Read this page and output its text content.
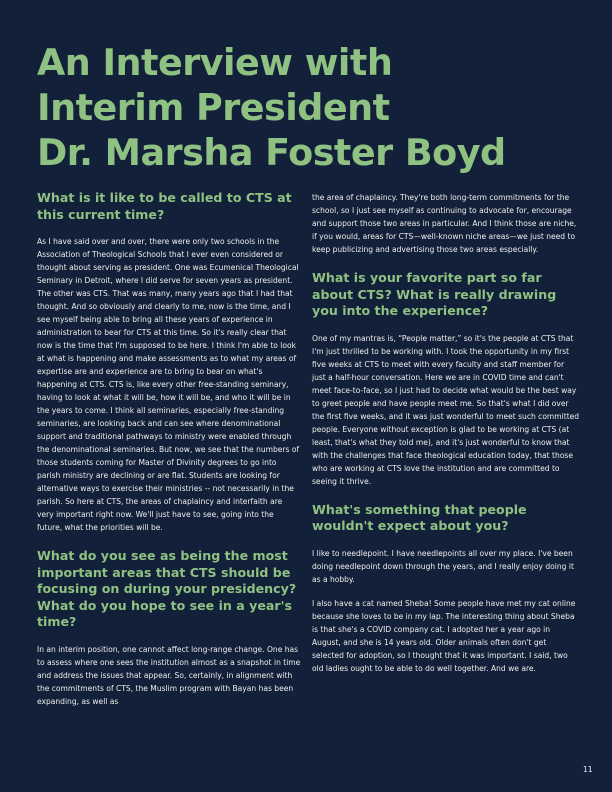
An Interview with
Interim President
Dr. Marsha Foster Boyd
What is it like to be called to CTS at this current time?

As I have said over and over, there were only two schools in the Association of Theological Schools that I ever even considered or thought about serving as president. One was Ecumenical Theological Seminary in Detroit, where I did serve for seven years as president. The other was CTS. That was many, many years ago that I had that thought. And so obviously and clearly to me, now is the time, and I see myself being able to bring all these years of experience in administration to bear for CTS at this time. So it's really clear that now is the time that I'm supposed to be here. I think I'm able to look at what is happening and make assessments as to what my areas of expertise are and experience are to bring to bear on what's happening at CTS. CTS is, like every other free-standing seminary, having to look at what it will be, how it will be, and who it will be in the years to come. I think all seminaries, especially free-standing seminaries, are looking back and can see where denominational support and traditional pathways to ministry were enabled through the denominational seminaries. But now, we see that the numbers of those students coming for Master of Divinity degrees to go into parish ministry are declining or are flat. Students are looking for alternative ways to exercise their ministries -- not necessarily in the parish. So here at CTS, the areas of chaplaincy and interfaith are very important right now. We'll just have to see, going into the future, what the priorities will be.

What do you see as being the most important areas that CTS should be focusing on during your presidency? What do you hope to see in a year's time?

In an interim position, one cannot affect long-range change. One has to assess where one sees the institution almost as a snapshot in time and address the issues that appear. So, certainly, in alignment with the commitments of CTS, the Muslim program with Bayan has been expanding, as well as

the area of chaplaincy. They're both long-term commitments for the school, so I just see myself as continuing to advocate for, encourage and support those two areas in particular. And I think those are niche, if you would, areas for CTS—well-known niche areas—we just need to keep publicizing and advertising those two areas especially.

What is your favorite part so far about CTS? What is really drawing you into the experience?

One of my mantras is, “People matter,” so it's the people at CTS that I'm just thrilled to be working with. I took the opportunity in my first five weeks at CTS to meet with every faculty and staff member for just a half-hour conversation. Here we are in COVID time and can't meet face-to-face, so I just had to decide what would be the best way to greet people and have people meet me. So that's what I did over the first five weeks, and it was just wonderful to meet such committed people. Everyone without exception is glad to be working at CTS (at least, that's what they told me), and it's just wonderful to know that with the challenges that face theological education today, that those who are working at CTS love the institution and are committed to seeing it thrive.

What's something that people wouldn't expect about you?

I like to needlepoint. I have needlepoints all over my place. I've been doing needlepoint down through the years, and I really enjoy doing it as a hobby.

I also have a cat named Sheba! Some people have met my cat online because she loves to be in my lap. The interesting thing about Sheba is that she's a COVID company cat. I adopted her a year ago in August, and she is 14 years old. Older animals often don't get selected for adoption, so I thought that it was important. I said, two old ladies ought to be able to do well together. And we are.

11
